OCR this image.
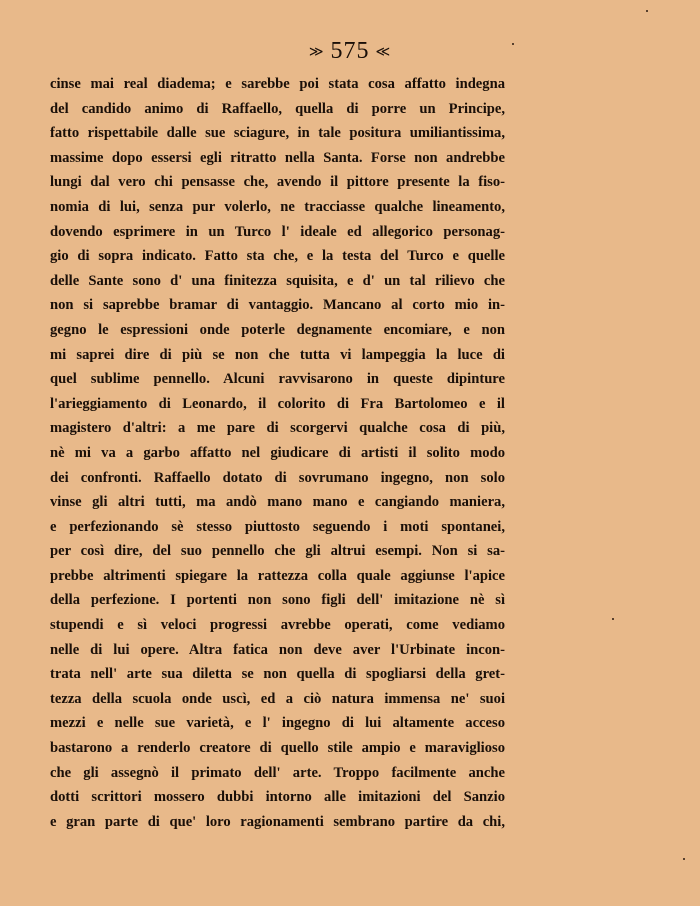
≫ 575 ≪
cinse mai real diadema; e sarebbe poi stata cosa affatto indegna
del candido animo di Raffaello, quella di porre un Principe,
fatto rispettabile dalle sue sciagure, in tale positura umiliantissima,
massime dopo essersi egli ritratto nella Santa. Forse non andrebbe
lungi dal vero chi pensasse che, avendo il pittore presente la fiso-
nomia di lui, senza pur volerlo, ne tracciasse qualche lineamento,
dovendo esprimere in un Turco l' ideale ed allegorico personag-
gio di sopra indicato. Fatto sta che, e la testa del Turco e quelle
delle Sante sono d' una finitezza squisita, e d' un tal rilievo che
non si saprebbe bramar di vantaggio. Mancano al corto mio in-
gegno le espressioni onde poterle degnamente encomiare, e non
mi saprei dire di più se non che tutta vi lampeggia la luce di
quel sublime pennello. Alcuni ravvisarono in queste dipinture
l'arieggiamento di Leonardo, il colorito di Fra Bartolomeo e il
magistero d'altri: a me pare di scorgervi qualche cosa di più,
nè mi va a garbo affatto nel giudicare di artisti il solito modo
dei confronti. Raffaello dotato di sovrumano ingegno, non solo
vinse gli altri tutti, ma andò mano mano e cangiando maniera,
e perfezionando sè stesso piuttosto seguendo i moti spontanei,
per così dire, del suo pennello che gli altrui esempi. Non si sa-
prebbe altrimenti spiegare la rattezza colla quale aggiunse l'apice
della perfezione. I portenti non sono figli dell' imitazione nè sì
stupendi e sì veloci progressi avrebbe operati, come vediamo
nelle di lui opere. Altra fatica non deve aver l'Urbinate incon-
trata nell' arte sua diletta se non quella di spogliarsi della gret-
tezza della scuola onde uscì, ed a ciò natura immensa ne' suoi
mezzi e nelle sue varietà, e l' ingegno di lui altamente acceso
bastarono a renderlo creatore di quello stile ampio e maraviglioso
che gli assegnò il primato dell' arte. Troppo facilmente anche
dotti scrittori mossero dubbi intorno alle imitazioni del Sanzio
e gran parte di que' loro ragionamenti sembrano partire da chi,
